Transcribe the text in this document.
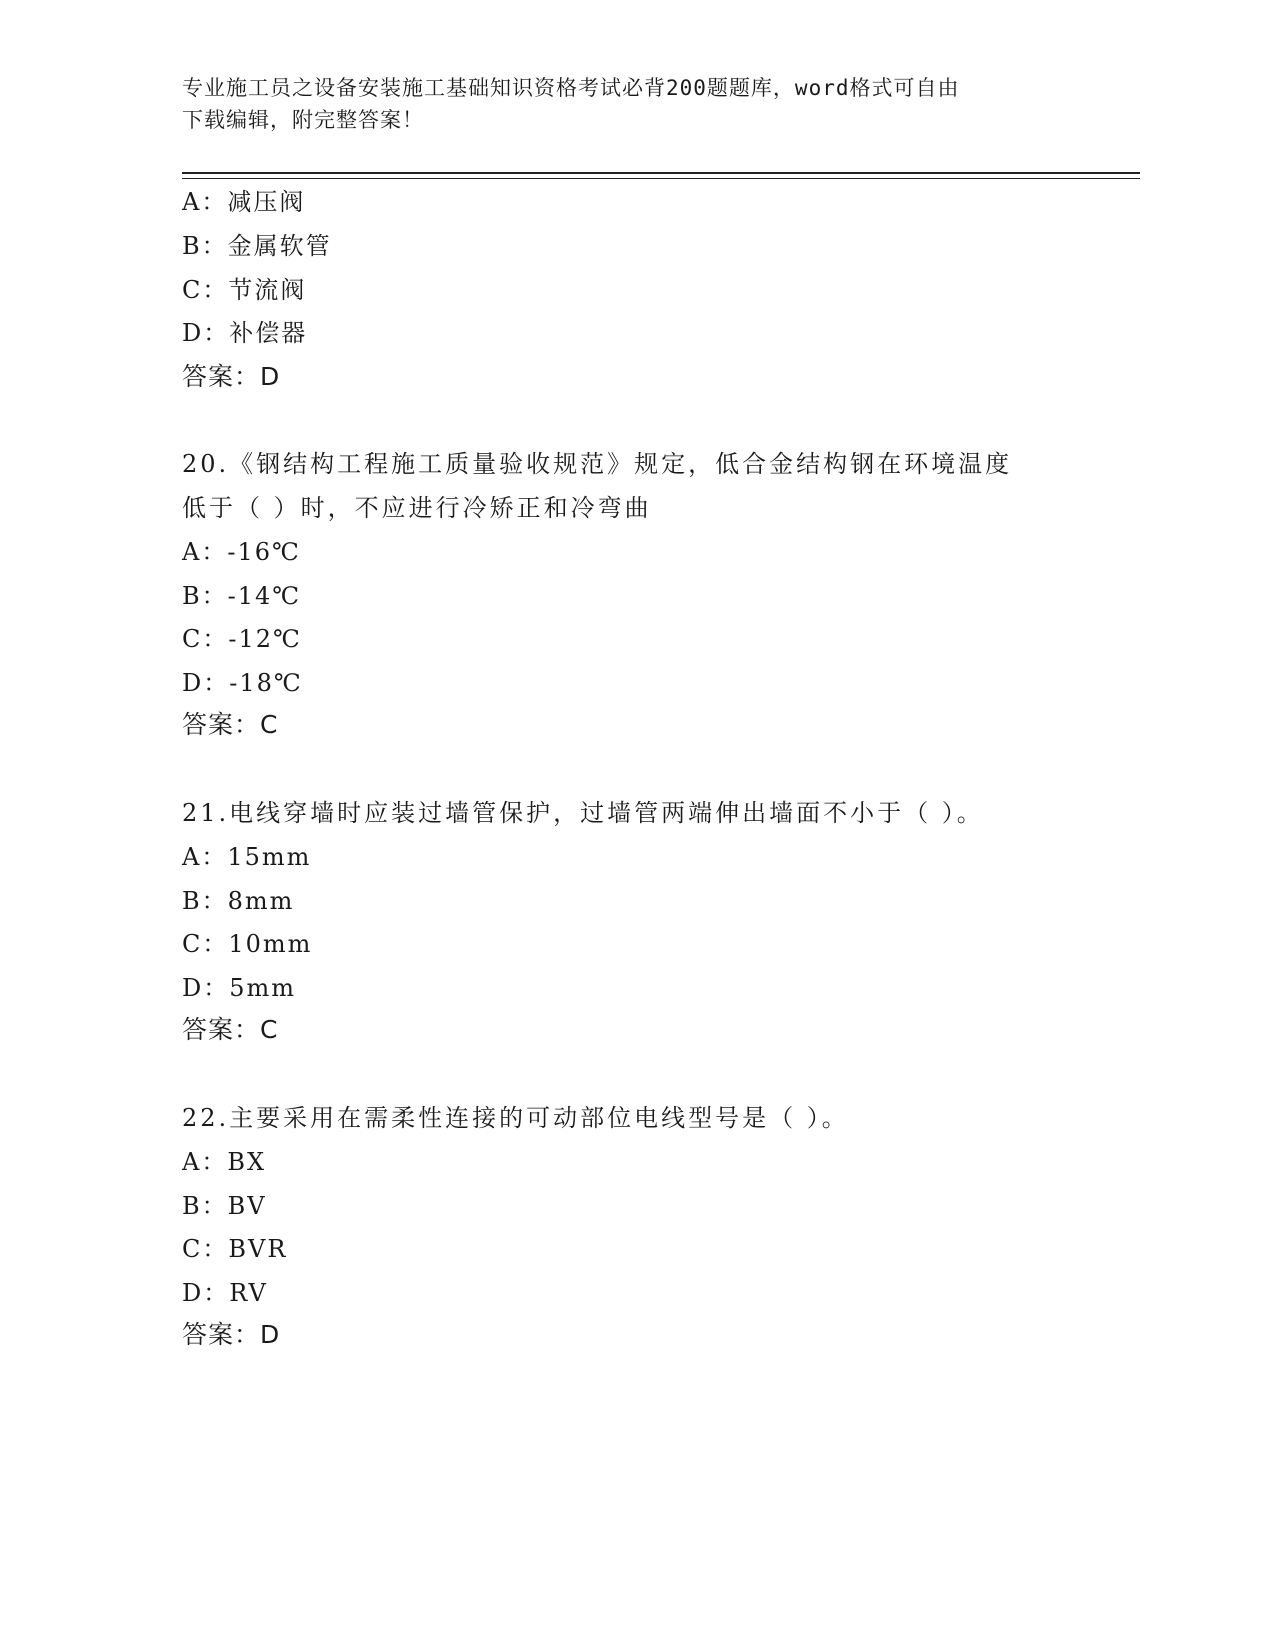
专业施工员之设备安装施工基础知识资格考试必背200题题库，word格式可自由
下载编辑，附完整答案！
A：减压阀
B：金属软管
C：节流阀
D：补偿器
答案：D
20.《钢结构工程施工质量验收规范》规定，低合金结构钢在环境温度
低于（ ）时，不应进行冷矫正和冷弯曲
A：-16℃
B：-14℃
C：-12℃
D：-18℃
答案：C
21.电线穿墙时应装过墙管保护，过墙管两端伸出墙面不小于（ ）。
A：15mm
B：8mm
C：10mm
D：5mm
答案：C
22.主要采用在需柔性连接的可动部位电线型号是（ ）。
A：BX
B：BV
C：BVR
D：RV
答案：D
